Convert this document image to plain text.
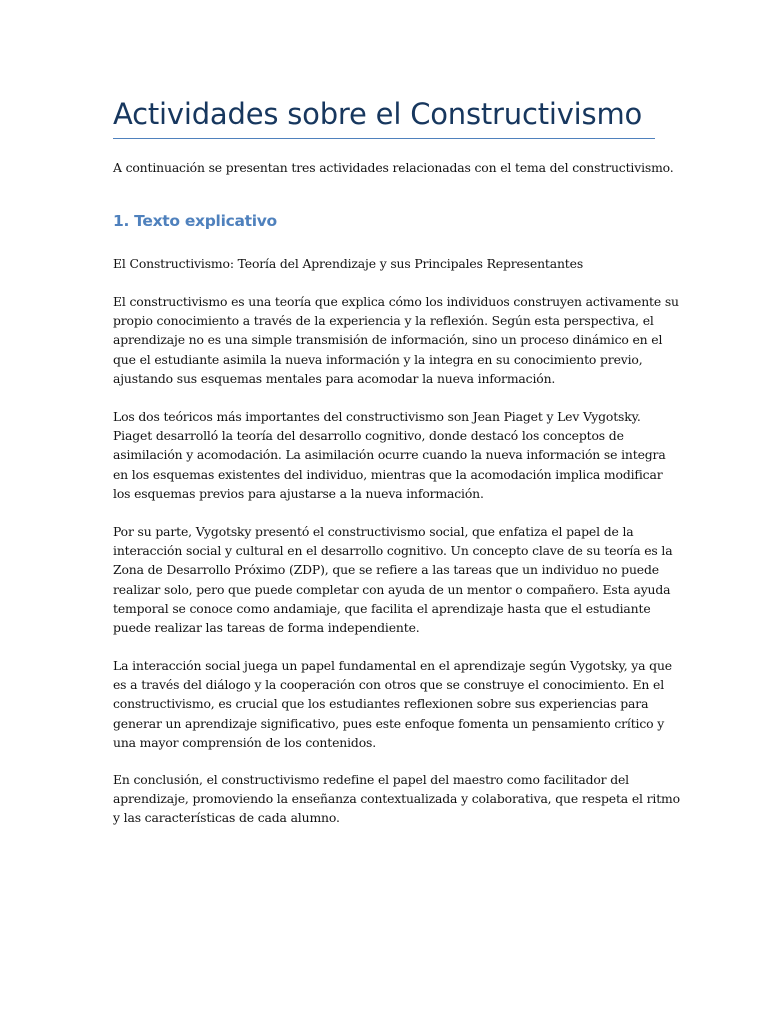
Actividades sobre el Constructivismo

A continuación se presentan tres actividades relacionadas con el tema del constructivismo.

1. Texto explicativo

El Constructivismo: Teoría del Aprendizaje y sus Principales Representantes

El constructivismo es una teoría que explica cómo los individuos construyen activamente su
propio conocimiento a través de la experiencia y la reflexión. Según esta perspectiva, el
aprendizaje no es una simple transmisión de información, sino un proceso dinámico en el
que el estudiante asimila la nueva información y la integra en su conocimiento previo,
ajustando sus esquemas mentales para acomodar la nueva información.

Los dos teóricos más importantes del constructivismo son Jean Piaget y Lev Vygotsky.
Piaget desarrolló la teoría del desarrollo cognitivo, donde destacó los conceptos de
asimilación y acomodación. La asimilación ocurre cuando la nueva información se integra
en los esquemas existentes del individuo, mientras que la acomodación implica modificar
los esquemas previos para ajustarse a la nueva información.

Por su parte, Vygotsky presentó el constructivismo social, que enfatiza el papel de la
interacción social y cultural en el desarrollo cognitivo. Un concepto clave de su teoría es la
Zona de Desarrollo Próximo (ZDP), que se refiere a las tareas que un individuo no puede
realizar solo, pero que puede completar con ayuda de un mentor o compañero. Esta ayuda
temporal se conoce como andamiaje, que facilita el aprendizaje hasta que el estudiante
puede realizar las tareas de forma independiente.

La interacción social juega un papel fundamental en el aprendizaje según Vygotsky, ya que
es a través del diálogo y la cooperación con otros que se construye el conocimiento. En el
constructivismo, es crucial que los estudiantes reflexionen sobre sus experiencias para
generar un aprendizaje significativo, pues este enfoque fomenta un pensamiento crítico y
una mayor comprensión de los contenidos.

En conclusión, el constructivismo redefine el papel del maestro como facilitador del
aprendizaje, promoviendo la enseñanza contextualizada y colaborativa, que respeta el ritmo
y las características de cada alumno.
